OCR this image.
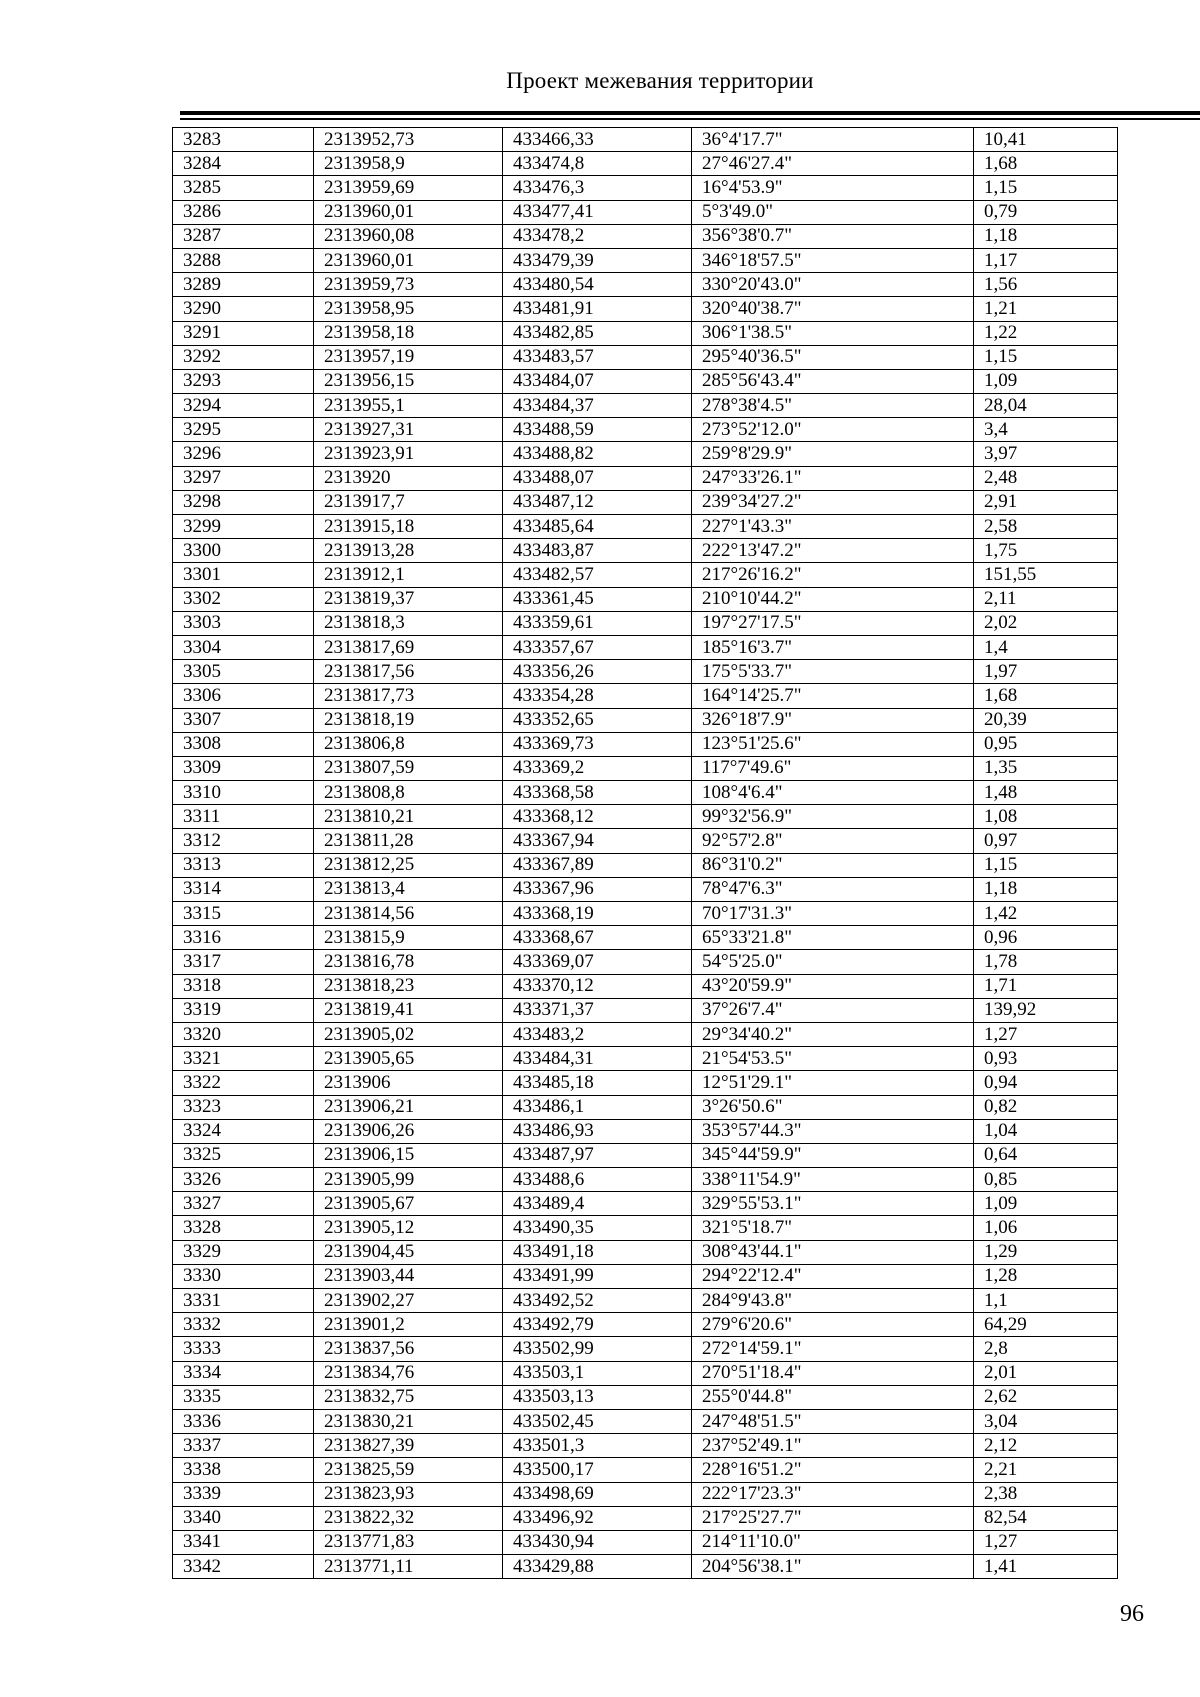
Проект межевания территории
3283	2313952,73	433466,33	36°4'17.7"	10,41
3284	2313958,9	433474,8	27°46'27.4"	1,68
3285	2313959,69	433476,3	16°4'53.9"	1,15
3286	2313960,01	433477,41	5°3'49.0"	0,79
3287	2313960,08	433478,2	356°38'0.7"	1,18
3288	2313960,01	433479,39	346°18'57.5"	1,17
3289	2313959,73	433480,54	330°20'43.0"	1,56
3290	2313958,95	433481,91	320°40'38.7"	1,21
3291	2313958,18	433482,85	306°1'38.5"	1,22
3292	2313957,19	433483,57	295°40'36.5"	1,15
3293	2313956,15	433484,07	285°56'43.4"	1,09
3294	2313955,1	433484,37	278°38'4.5"	28,04
3295	2313927,31	433488,59	273°52'12.0"	3,4
3296	2313923,91	433488,82	259°8'29.9"	3,97
3297	2313920	433488,07	247°33'26.1"	2,48
3298	2313917,7	433487,12	239°34'27.2"	2,91
3299	2313915,18	433485,64	227°1'43.3"	2,58
3300	2313913,28	433483,87	222°13'47.2"	1,75
3301	2313912,1	433482,57	217°26'16.2"	151,55
3302	2313819,37	433361,45	210°10'44.2"	2,11
3303	2313818,3	433359,61	197°27'17.5"	2,02
3304	2313817,69	433357,67	185°16'3.7"	1,4
3305	2313817,56	433356,26	175°5'33.7"	1,97
3306	2313817,73	433354,28	164°14'25.7"	1,68
3307	2313818,19	433352,65	326°18'7.9"	20,39
3308	2313806,8	433369,73	123°51'25.6"	0,95
3309	2313807,59	433369,2	117°7'49.6"	1,35
3310	2313808,8	433368,58	108°4'6.4"	1,48
3311	2313810,21	433368,12	99°32'56.9"	1,08
3312	2313811,28	433367,94	92°57'2.8"	0,97
3313	2313812,25	433367,89	86°31'0.2"	1,15
3314	2313813,4	433367,96	78°47'6.3"	1,18
3315	2313814,56	433368,19	70°17'31.3"	1,42
3316	2313815,9	433368,67	65°33'21.8"	0,96
3317	2313816,78	433369,07	54°5'25.0"	1,78
3318	2313818,23	433370,12	43°20'59.9"	1,71
3319	2313819,41	433371,37	37°26'7.4"	139,92
3320	2313905,02	433483,2	29°34'40.2"	1,27
3321	2313905,65	433484,31	21°54'53.5"	0,93
3322	2313906	433485,18	12°51'29.1"	0,94
3323	2313906,21	433486,1	3°26'50.6"	0,82
3324	2313906,26	433486,93	353°57'44.3"	1,04
3325	2313906,15	433487,97	345°44'59.9"	0,64
3326	2313905,99	433488,6	338°11'54.9"	0,85
3327	2313905,67	433489,4	329°55'53.1"	1,09
3328	2313905,12	433490,35	321°5'18.7"	1,06
3329	2313904,45	433491,18	308°43'44.1"	1,29
3330	2313903,44	433491,99	294°22'12.4"	1,28
3331	2313902,27	433492,52	284°9'43.8"	1,1
3332	2313901,2	433492,79	279°6'20.6"	64,29
3333	2313837,56	433502,99	272°14'59.1"	2,8
3334	2313834,76	433503,1	270°51'18.4"	2,01
3335	2313832,75	433503,13	255°0'44.8"	2,62
3336	2313830,21	433502,45	247°48'51.5"	3,04
3337	2313827,39	433501,3	237°52'49.1"	2,12
3338	2313825,59	433500,17	228°16'51.2"	2,21
3339	2313823,93	433498,69	222°17'23.3"	2,38
3340	2313822,32	433496,92	217°25'27.7"	82,54
3341	2313771,83	433430,94	214°11'10.0"	1,27
3342	2313771,11	433429,88	204°56'38.1"	1,41
96
